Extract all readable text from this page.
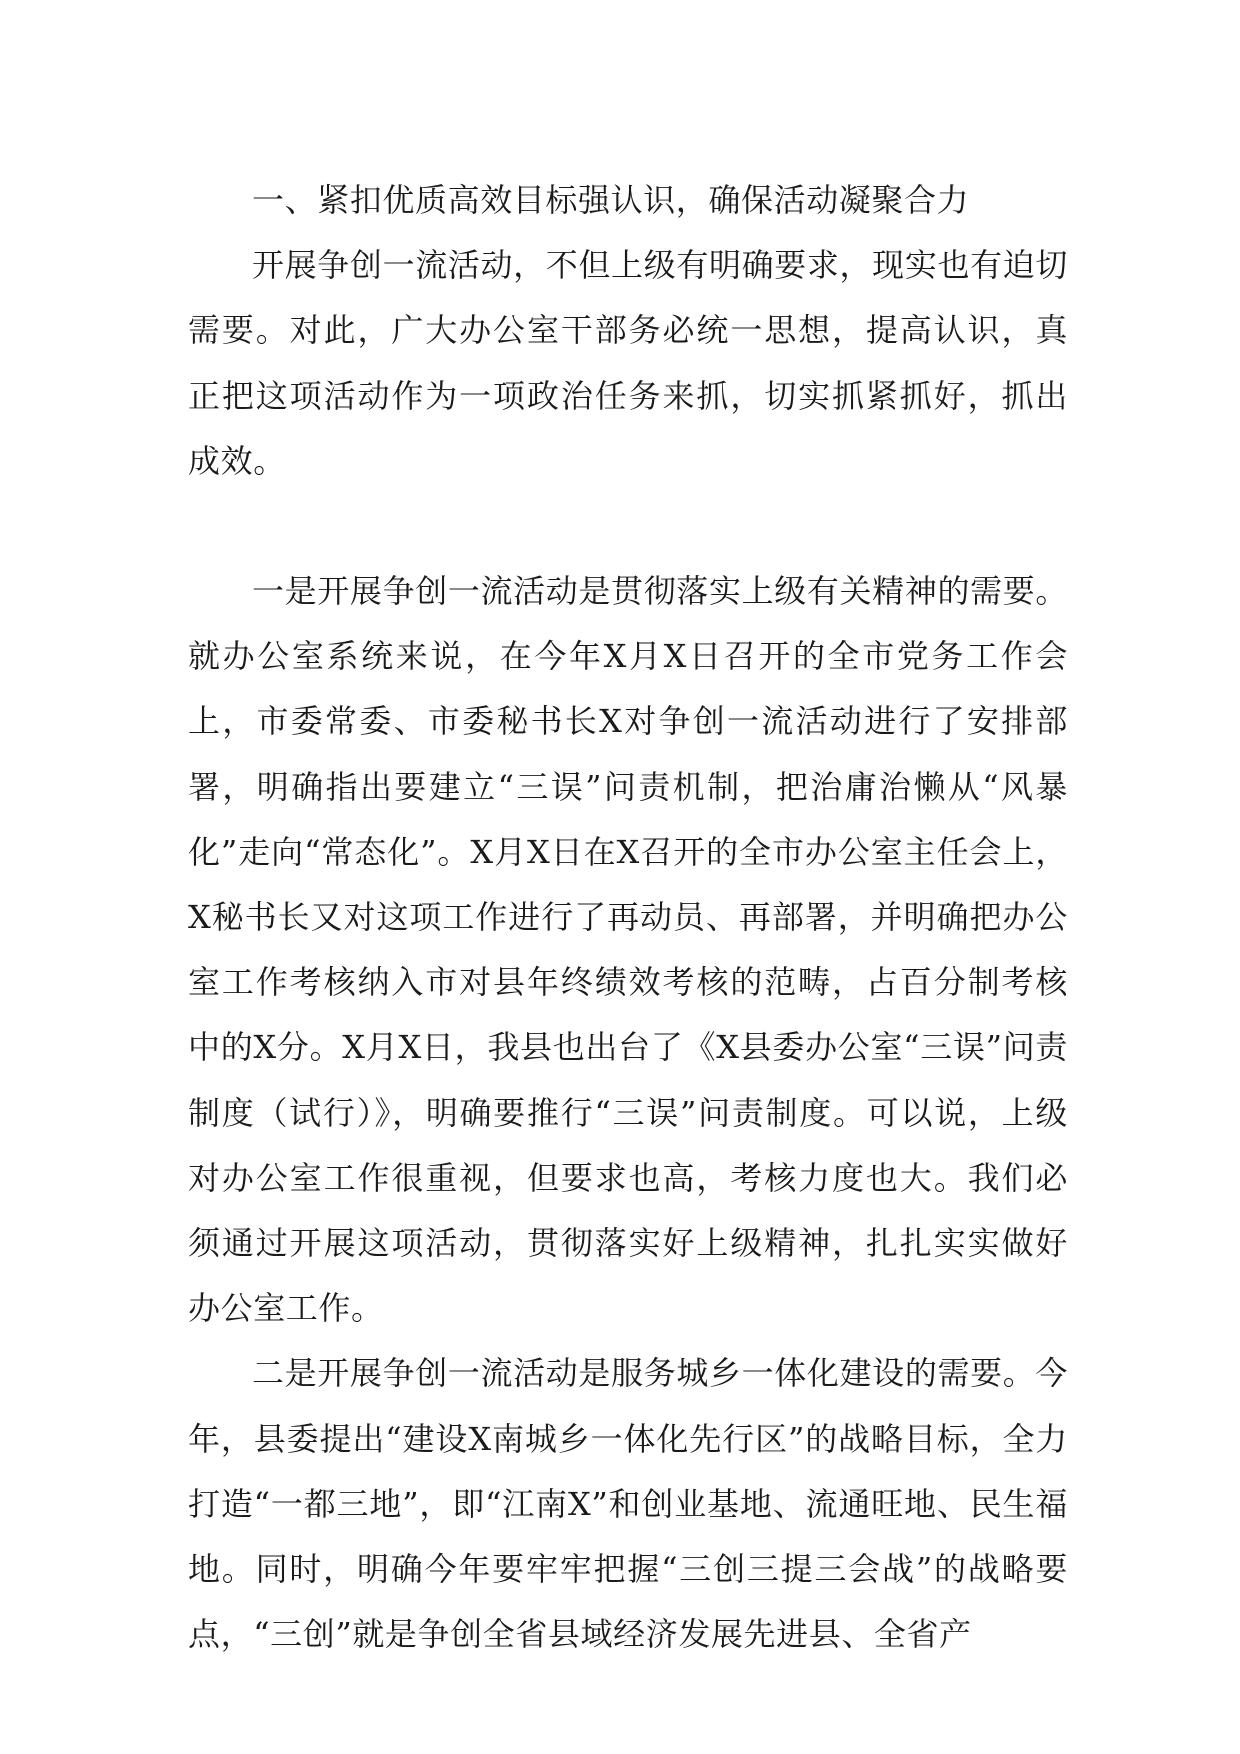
一、紧扣优质高效目标强认识，确保活动凝聚合力

开展争创一流活动，不但上级有明确要求，现实也有迫切需要。对此，广大办公室干部务必统一思想，提高认识，真正把这项活动作为一项政治任务来抓，切实抓紧抓好，抓出成效。

一是开展争创一流活动是贯彻落实上级有关精神的需要。就办公室系统来说，在今年X月X日召开的全市党务工作会上，市委常委、市委秘书长X对争创一流活动进行了安排部署，明确指出要建立“三误”问责机制，把治庸治懒从“风暴化”走向“常态化”。X月X日在X召开的全市办公室主任会上，X秘书长又对这项工作进行了再动员、再部署，并明确把办公室工作考核纳入市对县年终绩效考核的范畴，占百分制考核中的X分。X月X日，我县也出台了《X县委办公室“三误”问责制度（试行）》，明确要推行“三误”问责制度。可以说，上级对办公室工作很重视，但要求也高，考核力度也大。我们必须通过开展这项活动，贯彻落实好上级精神，扎扎实实做好办公室工作。

二是开展争创一流活动是服务城乡一体化建设的需要。今年，县委提出“建设X南城乡一体化先行区”的战略目标，全力打造“一都三地”，即“江南X”和创业基地、流通旺地、民生福地。同时，明确今年要牢牢把握“三创三提三会战”的战略要点，“三创”就是争创全省县域经济发展先进县、全省产
